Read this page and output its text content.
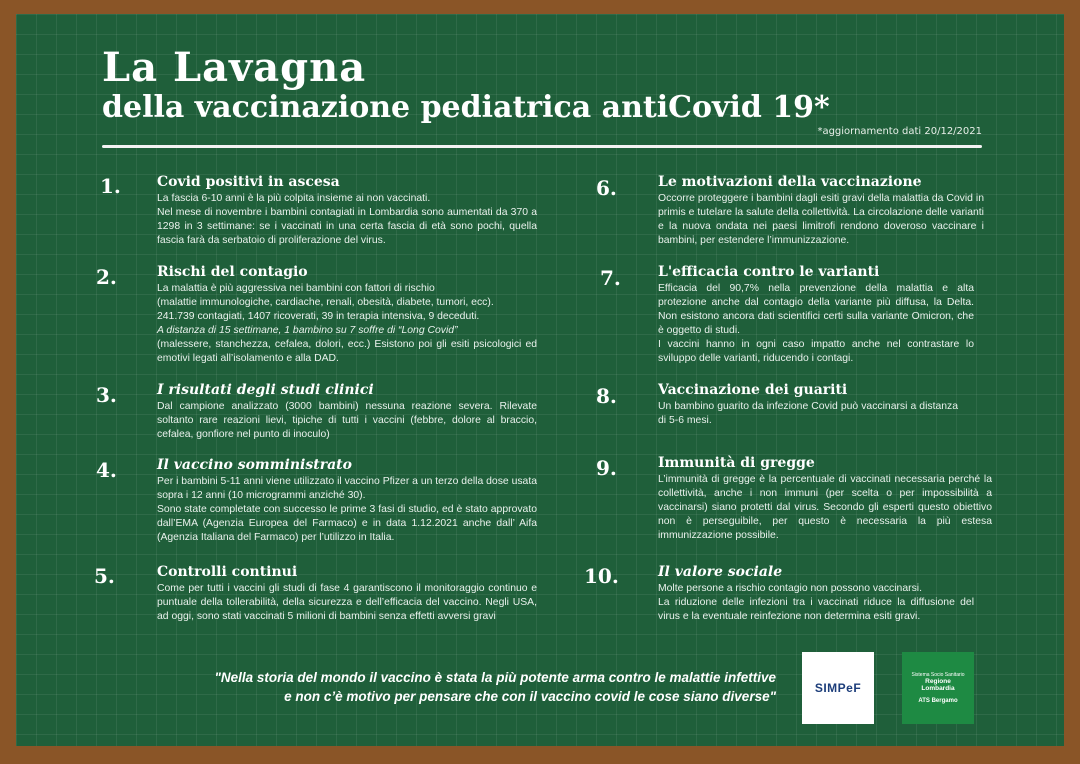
La Lavagna
della vaccinazione pediatrica antiCovid 19*
*aggiornamento dati 20/12/2021
1.	Covid positivi in ascesa

La fascia 6-10 anni è la più colpita insieme ai non vaccinati.

Nel mese di novembre i bambini contagiati in Lombardia sono aumentati da 370 a 1298 in 3 settimane: se i vaccinati in una certa fascia di età sono pochi, quella fascia farà da serbatoio di proliferazione del virus.

2.	Rischi del contagio

La malattia è più aggressiva nei bambini con fattori di rischio

(malattie immunologiche, cardiache, renali, obesità, diabete, tumori, ecc).

241.739 contagiati, 1407 ricoverati, 39 in terapia intensiva, 9 deceduti.

A distanza di 15 settimane, 1 bambino su 7 soffre di “Long Covid”

(malessere, stanchezza, cefalea, dolori, ecc.) Esistono poi gli esiti psicologici ed emotivi legati all’isolamento e alla DAD.

3.	I risultati degli studi clinici

Dal campione analizzato (3000 bambini) nessuna reazione severa. Rilevate soltanto rare reazioni lievi, tipiche di tutti i vaccini (febbre, dolore al braccio, cefalea, gonfiore nel punto di inoculo)

4.	Il vaccino somministrato

Per i bambini 5-11 anni viene utilizzato il vaccino Pfizer a un terzo della dose usata sopra i 12 anni (10 microgrammi anziché 30).

Sono state completate con successo le prime 3 fasi di studio, ed è stato approvato dall’EMA (Agenzia Europea del Farmaco) e in data 1.12.2021 anche dall’ Aifa (Agenzia Italiana del Farmaco) per l’utilizzo in Italia.

5.	Controlli continui

Come per tutti i vaccini gli studi di fase 4 garantiscono il monitoraggio continuo e puntuale della tollerabilità, della sicurezza e dell’efficacia del vaccino. Negli USA, ad oggi, sono stati vaccinati 5 milioni di bambini senza effetti avversi gravi

6.	Le motivazioni della vaccinazione

Occorre proteggere i bambini dagli esiti gravi della malattia da Covid in primis e tutelare la salute della collettività. La circolazione delle varianti e la nuova ondata nei paesi limitrofi rendono doveroso vaccinare i bambini, per estendere l’immunizzazione.

7.	L'efficacia contro le varianti

Efficacia del 90,7% nella prevenzione della malattia e alta protezione anche dal contagio della variante più diffusa, la Delta. Non esistono ancora dati scientifici certi sulla variante Omicron, che è oggetto di studi.

I vaccini hanno in ogni caso impatto anche nel contrastare lo sviluppo delle varianti, riducendo i contagi.

8.	Vaccinazione dei guariti

Un bambino guarito da infezione Covid può vaccinarsi a distanza di 5-6 mesi.

9.	Immunità di gregge

L’immunità di gregge è la percentuale di vaccinati necessaria perché la collettività, anche i non immuni (per scelta o per impossibilità a vaccinarsi) siano protetti dal virus. Secondo gli esperti questo obiettivo non è perseguibile, per questo è necessaria la più estesa immunizzazione possibile.

10.	Il valore sociale

Molte persone a rischio contagio non possono vaccinarsi.

La riduzione delle infezioni tra i vaccinati riduce la diffusione del virus e la eventuale reinfezione non determina esiti gravi.

"Nella storia del mondo il vaccino è stata la più potente arma contro le malattie infettive
e non c’è motivo per pensare che con il vaccino covid le cose siano diverse"
SIMPeF
Sistema Socio Sanitario
Regione
Lombardia
ATS Bergamo
